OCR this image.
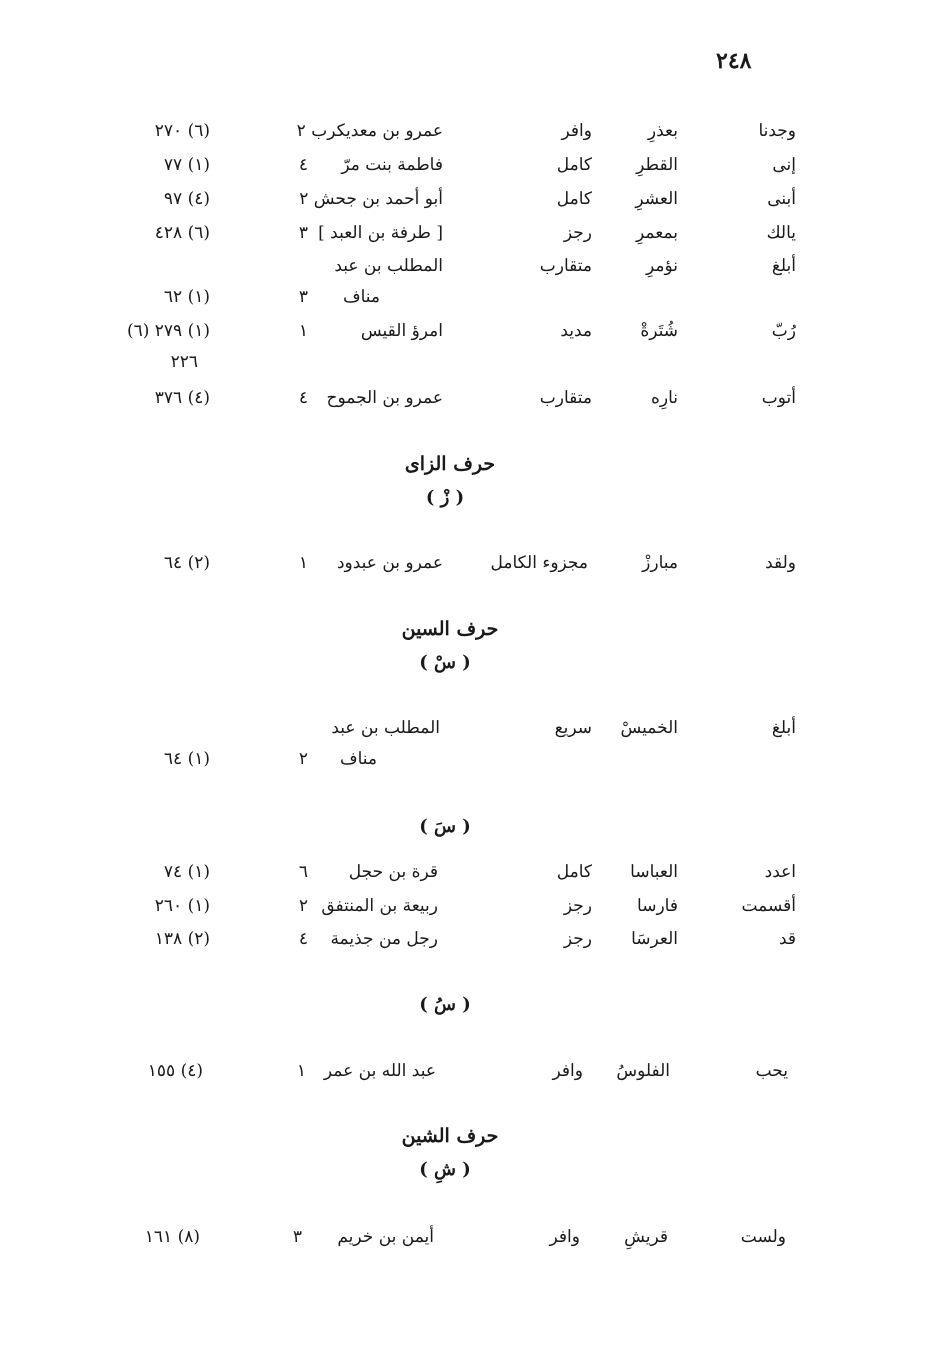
٢٤٨
وجدنا
بعذرِ
وافر
عمرو بن معديكرب ٢
(٦) ٢٧٠
إنى
القطرِ
كامل
فاطمة بنت مرّ
٤
(١) ٧٧
أبنى
العشرِ
كامل
أبو أحمد بن جحش ٢
(٤) ٩٧
يالك
بمعمرِ
رجز
[ طرفة بن العبد ]
٣
(٦) ٤٢٨
أبلغ
نؤمرِ
متقارب
المطلب بن عبد
مناف
٣
(١) ٦٢
رُبّ
شُتَرةْ
مديد
امرؤ القيس
١
(١) ٢٧٩ (٦)
٢٢٦
أتوب
نارِه
متقارب
عمرو بن الجموح
٤
(٤) ٣٧٦
حرف الزاى
( زْ )
ولقد
مبارزْ
مجزوء الكامل
عمرو بن عبدود
١
(٢) ٦٤
حرف السين
( سْ )
أبلغ
الخميسْ
سريع
المطلب بن عبد
مناف
٢
(١) ٦٤
( سَ )
اعدد
العباسا
كامل
قرة بن حجل
٦
(١) ٧٤
أقسمت
فارسا
رجز
ربيعة بن المنتفق
٢
(١) ٢٦٠
قد
العرسَا
رجز
رجل من جذيمة
٤
(٢) ١٣٨
( سُ )
يحب
الفلوسُ
وافر
عبد الله بن عمر
١
(٤) ١٥٥
حرف الشين
( شِ )
ولست
قريشِ
وافر
أيمن بن خريم
٣
(٨) ١٦١
